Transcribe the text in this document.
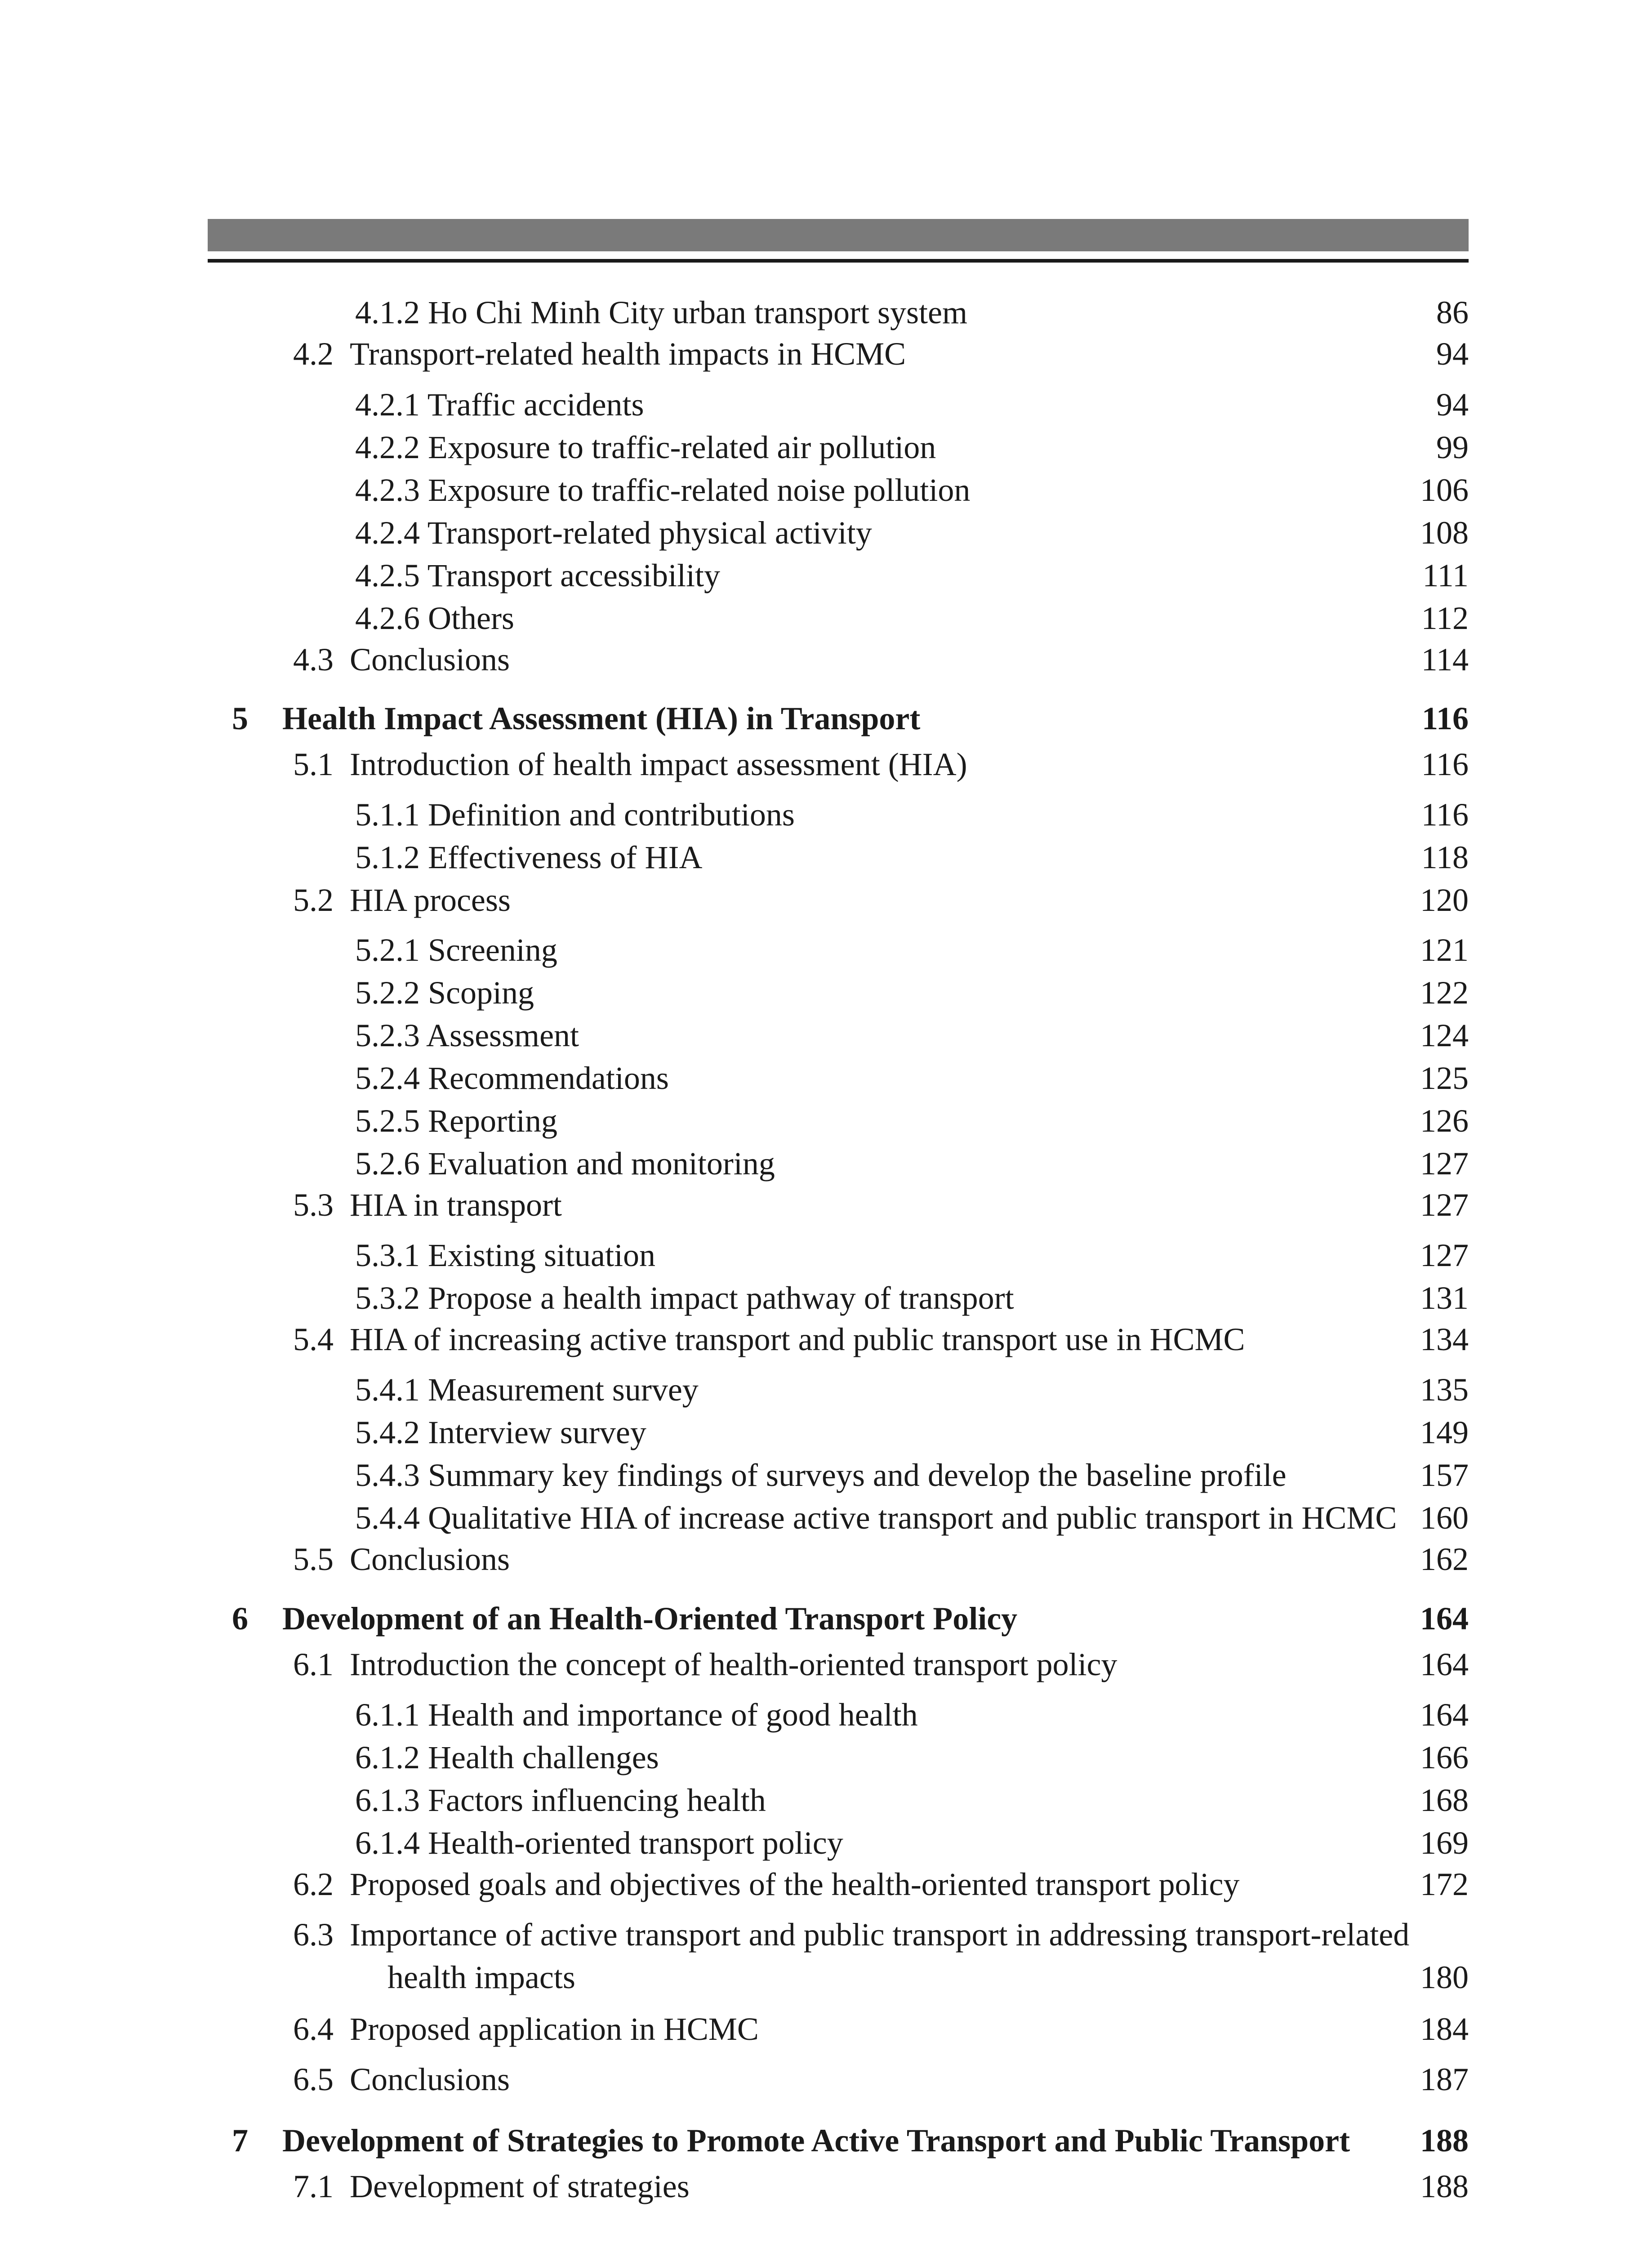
4.1.2 Ho Chi Minh City urban transport system	86
4.2 Transport-related health impacts in HCMC	94
4.2.1 Traffic accidents	94
4.2.2 Exposure to traffic-related air pollution	99
4.2.3 Exposure to traffic-related noise pollution	106
4.2.4 Transport-related physical activity	108
4.2.5 Transport accessibility	111
4.2.6 Others	112
4.3 Conclusions	114
5 Health Impact Assessment (HIA) in Transport	116
5.1 Introduction of health impact assessment (HIA)	116
5.1.1 Definition and contributions	116
5.1.2 Effectiveness of HIA	118
5.2 HIA process	120
5.2.1 Screening	121
5.2.2 Scoping	122
5.2.3 Assessment	124
5.2.4 Recommendations	125
5.2.5 Reporting	126
5.2.6 Evaluation and monitoring	127
5.3 HIA in transport	127
5.3.1 Existing situation	127
5.3.2 Propose a health impact pathway of transport	131
5.4 HIA of increasing active transport and public transport use in HCMC	134
5.4.1 Measurement survey	135
5.4.2 Interview survey	149
5.4.3 Summary key findings of surveys and develop the baseline profile	157
5.4.4 Qualitative HIA of increase active transport and public transport in HCMC 160
5.5 Conclusions	162
6 Development of an Health-Oriented Transport Policy	164
6.1 Introduction the concept of health-oriented transport policy	164
6.1.1 Health and importance of good health	164
6.1.2 Health challenges	166
6.1.3 Factors influencing health	168
6.1.4 Health-oriented transport policy	169
6.2 Proposed goals and objectives of the health-oriented transport policy	172
6.3 Importance of active transport and public transport in addressing transport-related
health impacts	180
6.4 Proposed application in HCMC	184
6.5 Conclusions	187
7 Development of Strategies to Promote Active Transport and Public Transport 188
7.1 Development of strategies	188
